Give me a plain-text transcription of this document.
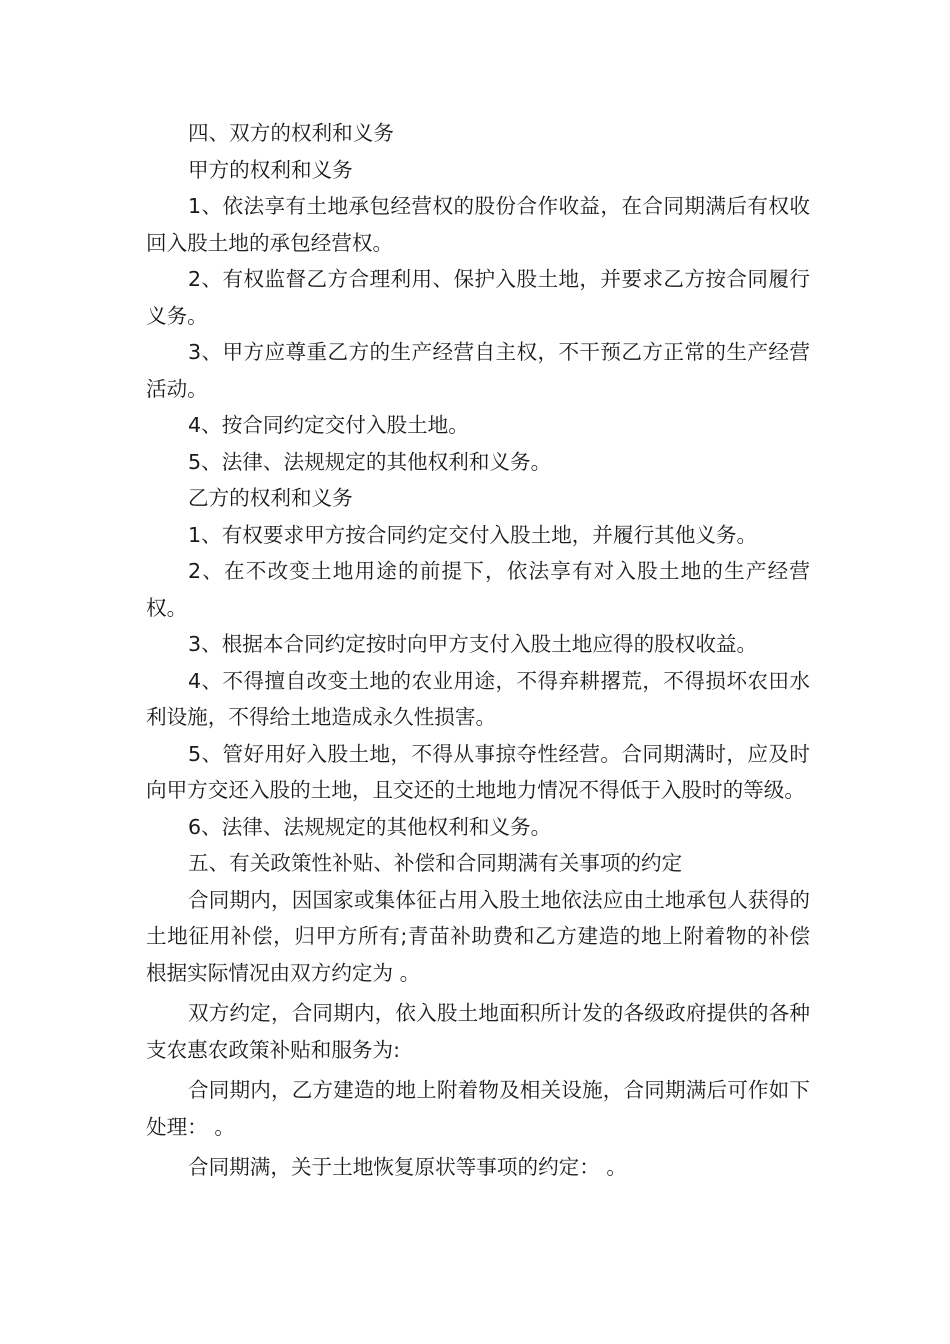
四、双方的权利和义务

甲方的权利和义务

1、依法享有土地承包经营权的股份合作收益，在合同期满后有权收回入股土地的承包经营权。

2、有权监督乙方合理利用、保护入股土地，并要求乙方按合同履行义务。

3、甲方应尊重乙方的生产经营自主权，不干预乙方正常的生产经营活动。

4、按合同约定交付入股土地。

5、法律、法规规定的其他权利和义务。

乙方的权利和义务

1、有权要求甲方按合同约定交付入股土地，并履行其他义务。

2、在不改变土地用途的前提下，依法享有对入股土地的生产经营权。

3、根据本合同约定按时向甲方支付入股土地应得的股权收益。

4、不得擅自改变土地的农业用途，不得弃耕撂荒，不得损坏农田水利设施，不得给土地造成永久性损害。

5、管好用好入股土地，不得从事掠夺性经营。合同期满时，应及时向甲方交还入股的土地，且交还的土地地力情况不得低于入股时的等级。

6、法律、法规规定的其他权利和义务。

五、有关政策性补贴、补偿和合同期满有关事项的约定

合同期内，因国家或集体征占用入股土地依法应由土地承包人获得的土地征用补偿，归甲方所有;青苗补助费和乙方建造的地上附着物的补偿根据实际情况由双方约定为 。

双方约定，合同期内，依入股土地面积所计发的各级政府提供的各种支农惠农政策补贴和服务为:

合同期内，乙方建造的地上附着物及相关设施，合同期满后可作如下处理： 。

合同期满，关于土地恢复原状等事项的约定： 。
